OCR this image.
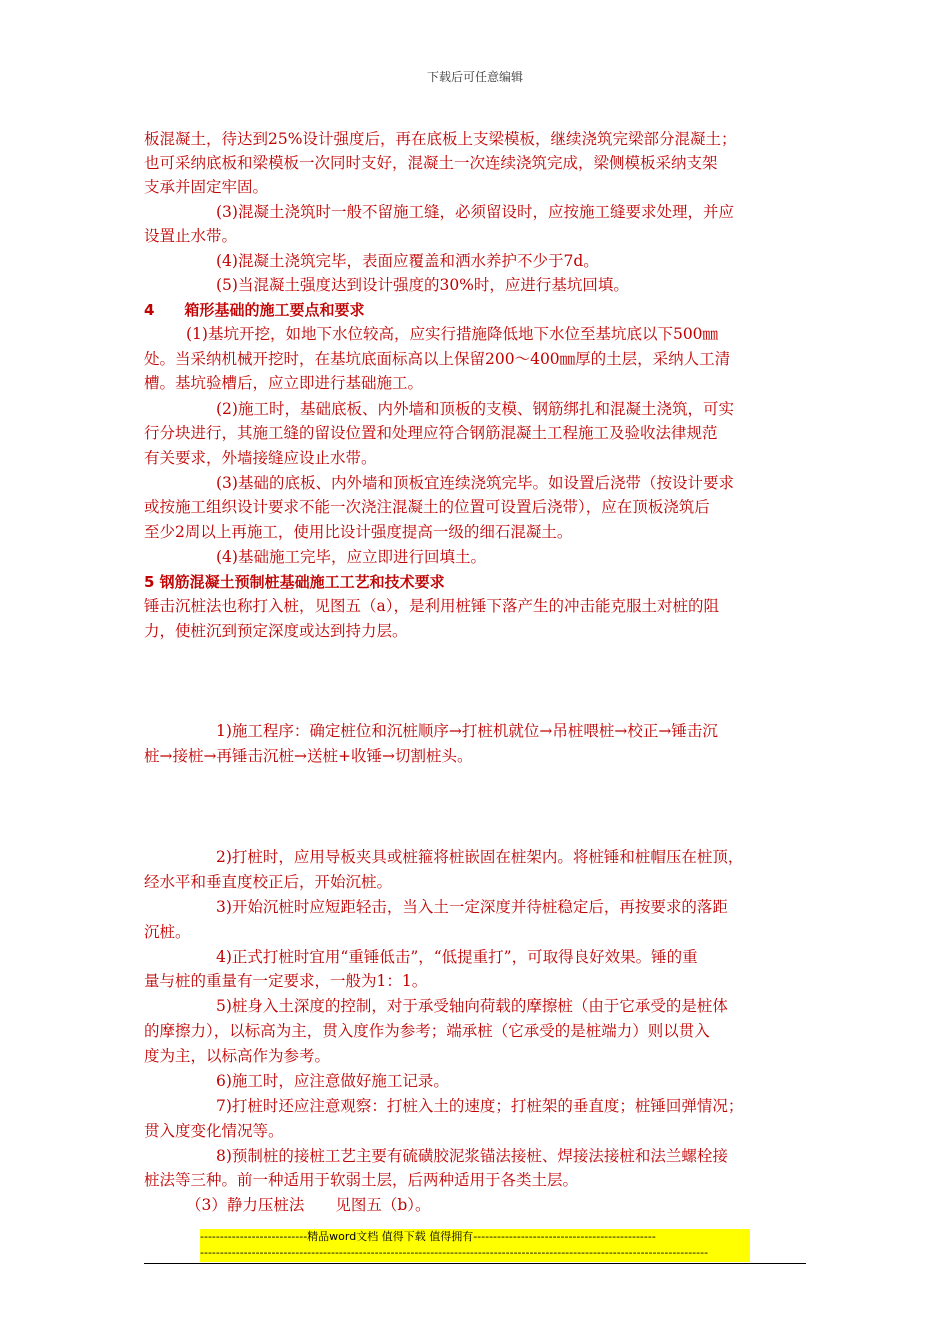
下载后可任意编辑
板混凝土，待达到25%设计强度后，再在底板上支梁模板，继续浇筑完梁部分混凝土；
也可采纳底板和梁模板一次同时支好，混凝土一次连续浇筑完成，梁侧模板采纳支架
支承并固定牢固。
(3)混凝土浇筑时一般不留施工缝，必须留设时，应按施工缝要求处理，并应
设置止水带。
(4)混凝土浇筑完毕，表面应覆盖和洒水养护不少于7d。
(5)当混凝土强度达到设计强度的30%时，应进行基坑回填。
4　　箱形基础的施工要点和要求
(1)基坑开挖，如地下水位较高，应实行措施降低地下水位至基坑底以下500㎜
处。当采纳机械开挖时，在基坑底面标高以上保留200～400㎜厚的土层，采纳人工清
槽。基坑验槽后，应立即进行基础施工。
(2)施工时，基础底板、内外墙和顶板的支模、钢筋绑扎和混凝土浇筑，可实
行分块进行，其施工缝的留设位置和处理应符合钢筋混凝土工程施工及验收法律规范
有关要求，外墙接缝应设止水带。
(3)基础的底板、内外墙和顶板宜连续浇筑完毕。如设置后浇带（按设计要求
或按施工组织设计要求不能一次浇注混凝土的位置可设置后浇带），应在顶板浇筑后
至少2周以上再施工，使用比设计强度提高一级的细石混凝土。
(4)基础施工完毕，应立即进行回填土。
5 钢筋混凝土预制桩基础施工工艺和技术要求
锤击沉桩法也称打入桩，见图五（a），是利用桩锤下落产生的冲击能克服土对桩的阻
力，使桩沉到预定深度或达到持力层。
1)施工程序：确定桩位和沉桩顺序→打桩机就位→吊桩喂桩→校正→锤击沉
桩→接桩→再锤击沉桩→送桩+收锤→切割桩头。
2)打桩时，应用导板夹具或桩箍将桩嵌固在桩架内。将桩锤和桩帽压在桩顶，
经水平和垂直度校正后，开始沉桩。
3)开始沉桩时应短距轻击，当入土一定深度并待桩稳定后，再按要求的落距
沉桩。
4)正式打桩时宜用“重锤低击”，“低提重打”，可取得良好效果。锤的重
量与桩的重量有一定要求，一般为1：1。
5)桩身入土深度的控制，对于承受轴向荷载的摩擦桩（由于它承受的是桩体
的摩擦力），以标高为主，贯入度作为参考；端承桩（它承受的是桩端力）则以贯入
度为主，以标高作为参考。
6)施工时，应注意做好施工记录。
7)打桩时还应注意观察：打桩入土的速度；打桩架的垂直度；桩锤回弹情况；
贯入度变化情况等。
8)预制桩的接桩工艺主要有硫磺胶泥浆锚法接桩、焊接法接桩和法兰螺栓接
桩法等三种。前一种适用于软弱土层，后两种适用于各类土层。
（3）静力压桩法　　见图五（b）。
---------------------------精品word文档 值得下载 值得拥有----------------------------------------------
--------------------------------------------------------------------------------------------------------------------------------
